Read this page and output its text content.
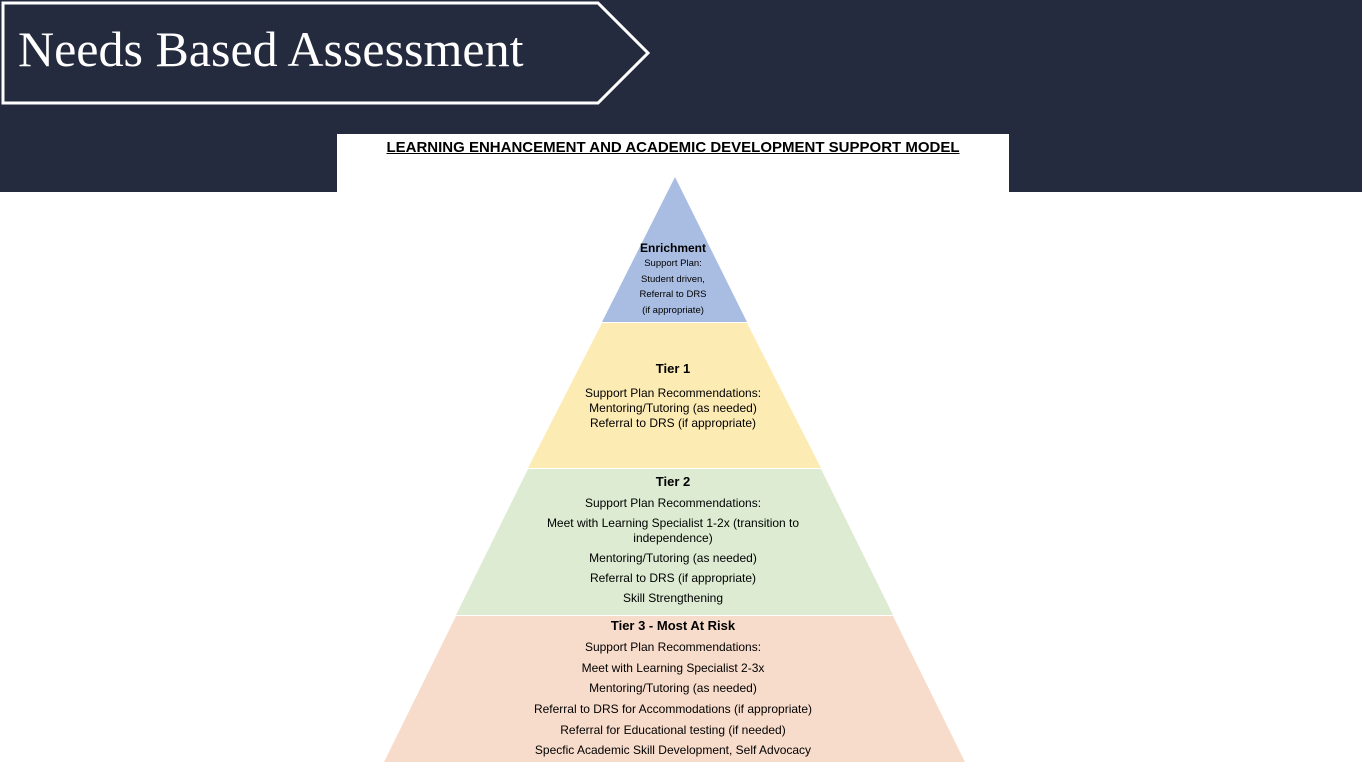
Needs Based Assessment
LEARNING ENHANCEMENT AND ACADEMIC DEVELOPMENT SUPPORT MODEL
Enrichment
Support Plan:
Student driven,
Referral to DRS
(if appropriate)
Tier 1
Support Plan Recommendations:
Mentoring/Tutoring (as needed)
Referral to DRS (if appropriate)
Tier 2
Support Plan Recommendations:
Meet with Learning Specialist 1-2x (transition to independence)
Mentoring/Tutoring (as needed)
Referral to DRS (if appropriate)
Skill Strengthening
Tier 3 - Most At Risk
Support Plan Recommendations:
Meet with Learning Specialist 2-3x
Mentoring/Tutoring (as needed)
Referral to DRS for Accommodations (if appropriate)
Referral for Educational testing (if needed)
Specfic Academic Skill Development, Self Advocacy
